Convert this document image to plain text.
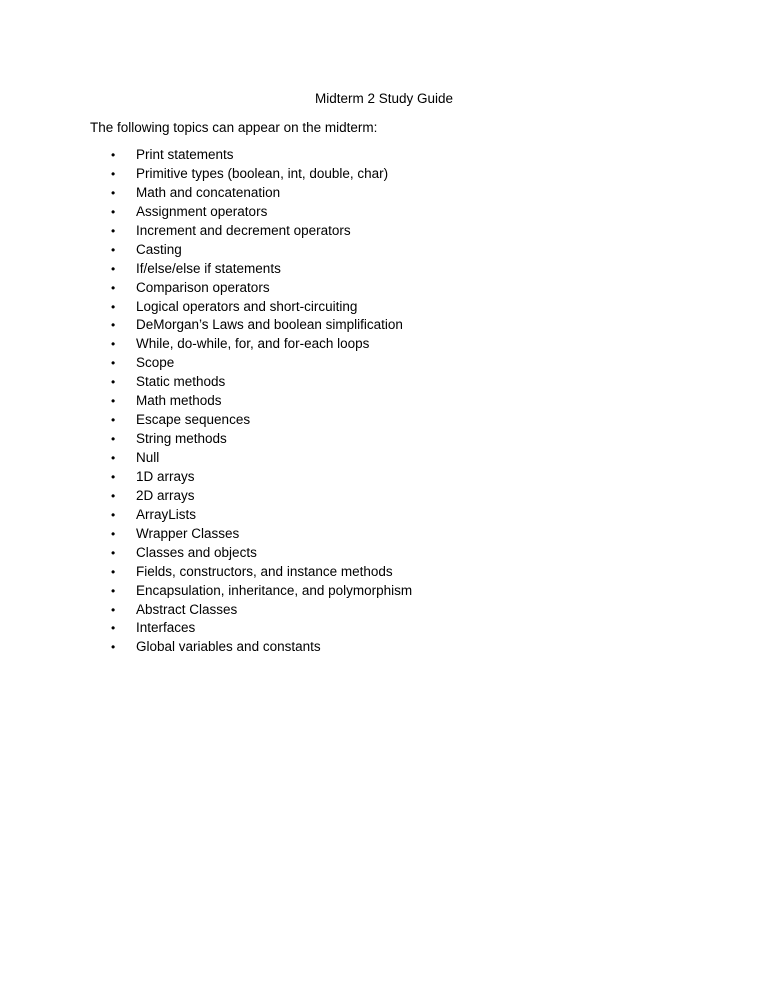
Midterm 2 Study Guide
The following topics can appear on the midterm:
• Print statements
• Primitive types (boolean, int, double, char)
• Math and concatenation
• Assignment operators
• Increment and decrement operators
• Casting
• If/else/else if statements
• Comparison operators
• Logical operators and short-circuiting
• DeMorgan’s Laws and boolean simplification
• While, do-while, for, and for-each loops
• Scope
• Static methods
• Math methods
• Escape sequences
• String methods
• Null
• 1D arrays
• 2D arrays
• ArrayLists
• Wrapper Classes
• Classes and objects
• Fields, constructors, and instance methods
• Encapsulation, inheritance, and polymorphism
• Abstract Classes
• Interfaces
• Global variables and constants
